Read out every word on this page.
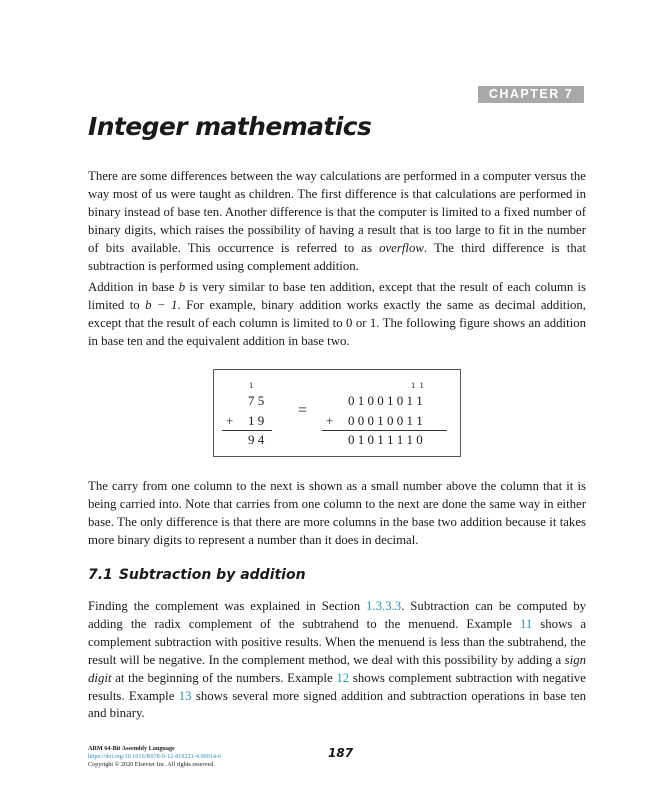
CHAPTER 7
Integer mathematics

There are some differences between the way calculations are performed in a computer versus the way most of us were taught as children. The first difference is that calculations are performed in binary instead of base ten. Another difference is that the computer is limited to a fixed number of binary digits, which raises the possibility of having a result that is too large to fit in the number of bits available. This occurrence is referred to as overflow. The third difference is that subtraction is performed using complement addition.

Addition in base b is very similar to base ten addition, except that the result of each column is limited to b − 1. For example, binary addition works exactly the same as decimal addition, except that the result of each column is limited to 0 or 1. The following figure shows an addition in base ten and the equivalent addition in base two.

1
7 5
+ 1 9
9 4
=
1  1
0 1 0 0 1 0 1 1
+ 0 0 0 1 0 0 1 1
0 1 0 1 1 1 1 0

The carry from one column to the next is shown as a small number above the column that it is being carried into. Note that carries from one column to the next are done the same way in either base. The only difference is that there are more columns in the base two addition because it takes more binary digits to represent a number than it does in decimal.

7.1 Subtraction by addition

Finding the complement was explained in Section 1.3.3.3. Subtraction can be computed by adding the radix complement of the subtrahend to the menuend. Example 11 shows a complement subtraction with positive results. When the menuend is less than the subtrahend, the result will be negative. In the complement method, we deal with this possibility by adding a sign digit at the beginning of the numbers. Example 12 shows complement subtraction with negative results. Example 13 shows several more signed addition and subtraction operations in base ten and binary.

ARM 64-Bit Assembly Language
https://doi.org/10.1016/B978-0-12-819221-4.00014-6
Copyright © 2020 Elsevier Inc. All rights reserved.
187
